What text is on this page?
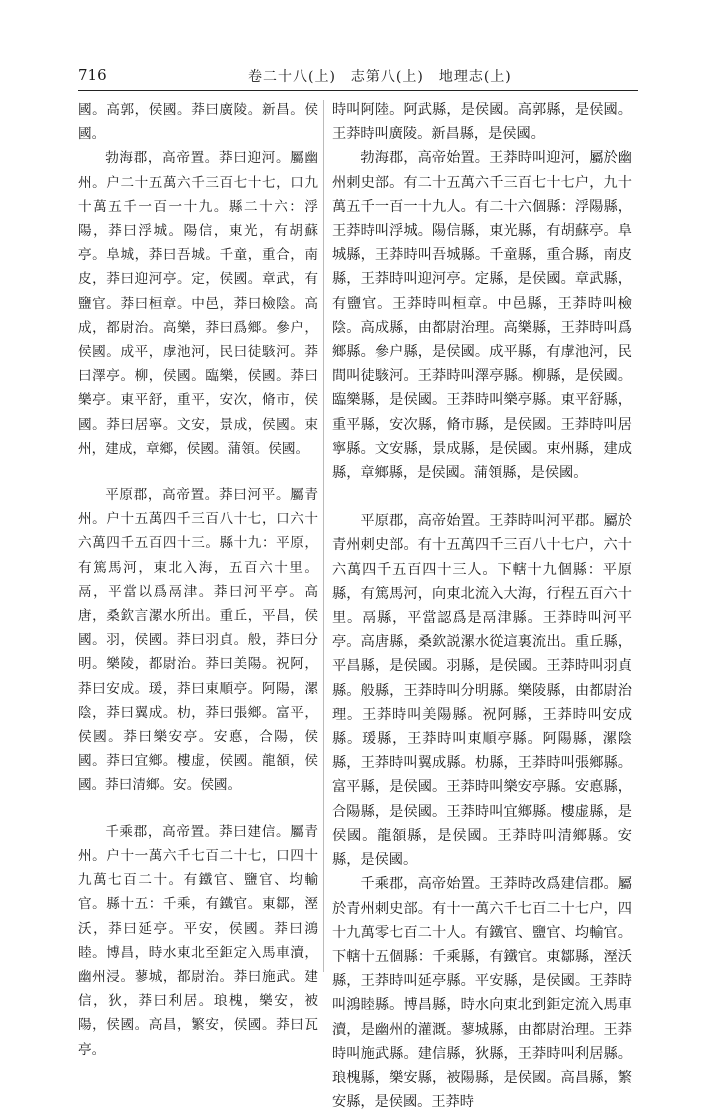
716	卷二十八(上)　志第八(上)　地理志(上)

國。高郭，侯國。莽曰廣陵。新昌。侯國。

勃海郡，高帝置。莽曰迎河。屬幽州。户二十五萬六千三百七十七，口九十萬五千一百一十九。縣二十六：浮陽，莽曰浮城。陽信，東光，有胡蘇亭。阜城，莽曰吾城。千童，重合，南皮，莽曰迎河亭。定，侯國。章武，有鹽官。莽曰桓章。中邑，莽曰檢陰。高成，都尉治。高樂，莽曰爲鄉。參户，侯國。成平，虖池河，民曰徒駭河。莽曰澤亭。柳，侯國。臨樂，侯國。莽曰樂亭。東平舒，重平，安次，脩市，侯國。莽曰居寧。文安，景成，侯國。束州，建成，章鄉，侯國。蒲領。侯國。

平原郡，高帝置。莽曰河平。屬青州。户十五萬四千三百八十七，口六十六萬四千五百四十三。縣十九：平原，有篤馬河，東北入海，五百六十里。鬲，平當以爲鬲津。莽曰河平亭。高唐，桑欽言漯水所出。重丘，平昌，侯國。羽，侯國。莽曰羽貞。般，莽曰分明。樂陵，都尉治。莽曰美陽。祝阿，莽曰安成。瑗，莽曰東順亭。阿陽，漯陰，莽曰翼成。朸，莽曰張鄉。富平，侯國。莽曰樂安亭。安悳，合陽，侯國。莽曰宜鄉。樓虚，侯國。龍頟，侯國。莽曰清鄉。安。侯國。

千乘郡，高帝置。莽曰建信。屬青州。户十一萬六千七百二十七，口四十九萬七百二十。有鐵官、鹽官、均輸官。縣十五：千乘，有鐵官。東鄒，溼沃，莽曰延亭。平安，侯國。莽曰鴻睦。博昌，時水東北至鉅定入馬車瀆，幽州浸。蓼城，都尉治。莽曰施武。建信，狄，莽曰利居。琅槐，樂安，被陽，侯國。高昌，繁安，侯國。莽曰瓦亭。

時叫阿陸。阿武縣，是侯國。高郭縣，是侯國。王莽時叫廣陵。新昌縣，是侯國。

勃海郡，高帝始置。王莽時叫迎河，屬於幽州刺史部。有二十五萬六千三百七十七户，九十萬五千一百一十九人。有二十六個縣：浮陽縣，王莽時叫浮城。陽信縣，東光縣，有胡蘇亭。阜城縣，王莽時叫吾城縣。千童縣，重合縣，南皮縣，王莽時叫迎河亭。定縣，是侯國。章武縣，有鹽官。王莽時叫桓章。中邑縣，王莽時叫檢陰。高成縣，由都尉治理。高樂縣，王莽時叫爲鄉縣。參户縣，是侯國。成平縣，有虖池河，民間叫徒駭河。王莽時叫澤亭縣。柳縣，是侯國。臨樂縣，是侯國。王莽時叫樂亭縣。東平舒縣，重平縣，安次縣，脩市縣，是侯國。王莽時叫居寧縣。文安縣，景成縣，是侯國。束州縣，建成縣，章鄉縣，是侯國。蒲領縣，是侯國。

平原郡，高帝始置。王莽時叫河平郡。屬於青州刺史部。有十五萬四千三百八十七户，六十六萬四千五百四十三人。下轄十九個縣：平原縣，有篤馬河，向東北流入大海，行程五百六十里。鬲縣，平當認爲是鬲津縣。王莽時叫河平亭。高唐縣，桑欽説漯水從這裏流出。重丘縣，平昌縣，是侯國。羽縣，是侯國。王莽時叫羽貞縣。般縣，王莽時叫分明縣。樂陵縣，由都尉治理。王莽時叫美陽縣。祝阿縣，王莽時叫安成縣。瑗縣，王莽時叫東順亭縣。阿陽縣，漯陰縣，王莽時叫翼成縣。朸縣，王莽時叫張鄉縣。富平縣，是侯國。王莽時叫樂安亭縣。安悳縣，合陽縣，是侯國。王莽時叫宜鄉縣。樓虚縣，是侯國。龍頟縣，是侯國。王莽時叫清鄉縣。安縣，是侯國。

千乘郡，高帝始置。王莽時改爲建信郡。屬於青州刺史部。有十一萬六千七百二十七户，四十九萬零七百二十人。有鐵官、鹽官、均輸官。下轄十五個縣：千乘縣，有鐵官。東鄒縣，溼沃縣，王莽時叫延亭縣。平安縣，是侯國。王莽時叫鴻睦縣。博昌縣，時水向東北到鉅定流入馬車瀆，是幽州的灌溉。蓼城縣，由都尉治理。王莽時叫施武縣。建信縣，狄縣，王莽時叫利居縣。琅槐縣，樂安縣，被陽縣，是侯國。高昌縣，繁安縣，是侯國。王莽時
